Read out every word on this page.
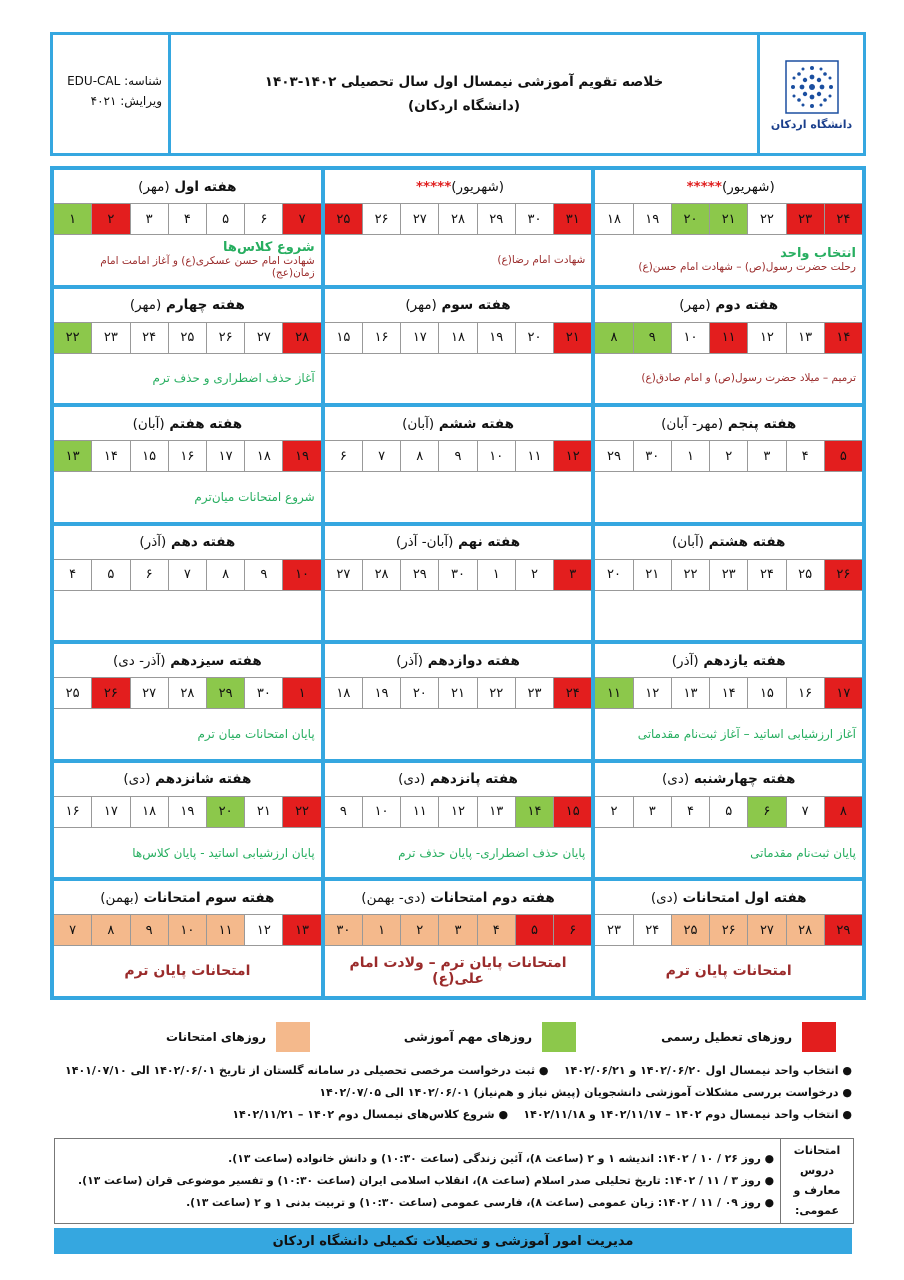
شناسه: EDU-CAL
ویرایش: ۴۰۲۱
خلاصه تقویم آموزشی نیمسال اول سال تحصیلی ۱۴۰۲-۱۴۰۳
(دانشگاه اردکان)
دانشگاه اردکان
(شهریور)
*****
۲۴
۲۳
۲۲
۲۱
۲۰
۱۹
۱۸
انتخاب واحد
رحلت حضرت رسول(ص) – شهادت امام حسن(ع)
(شهریور)
*****
۳۱
۳۰
۲۹
۲۸
۲۷
۲۶
۲۵
شهادت امام رضا(ع)
هفته اول

(مهر)
۷
۶
۵
۴
۳
۲
۱
شروع کلاس‌ها
شهادت امام حسن عسکری(ع) و آغاز امامت امام زمان(عج)
هفته دوم

(مهر)
۱۴
۱۳
۱۲
۱۱
۱۰
۹
۸
ترمیم – میلاد حضرت رسول(ص) و امام صادق(ع)
هفته سوم

(مهر)
۲۱
۲۰
۱۹
۱۸
۱۷
۱۶
۱۵
هفته چهارم

(مهر)
۲۸
۲۷
۲۶
۲۵
۲۴
۲۳
۲۲
آغاز حذف اضطراری و حذف ترم
هفته پنجم

(مهر- آبان)
۵
۴
۳
۲
۱
۳۰
۲۹
هفته ششم

(آبان)
۱۲
۱۱
۱۰
۹
۸
۷
۶
هفته هفتم

(آبان)
۱۹
۱۸
۱۷
۱۶
۱۵
۱۴
۱۳
شروع امتحانات میان‌ترم
هفته هشتم

(آبان)
۲۶
۲۵
۲۴
۲۳
۲۲
۲۱
۲۰
هفته نهم

(آبان- آذر)
۳
۲
۱
۳۰
۲۹
۲۸
۲۷
هفته دهم

(آذر)
۱۰
۹
۸
۷
۶
۵
۴
هفته یازدهم

(آذر)
۱۷
۱۶
۱۵
۱۴
۱۳
۱۲
۱۱
آغاز ارزشیابی اساتید – آغاز ثبت‌نام مقدماتی
هفته دوازدهم

(آذر)
۲۴
۲۳
۲۲
۲۱
۲۰
۱۹
۱۸
هفته سیزدهم

(آذر- دی)
۱
۳۰
۲۹
۲۸
۲۷
۲۶
۲۵
پایان امتحانات میان ترم
هفته چهارشنبه

(دی)
۸
۷
۶
۵
۴
۳
۲
پایان ثبت‌نام مقدماتی
هفته پانزدهم

(دی)
۱۵
۱۴
۱۳
۱۲
۱۱
۱۰
۹
پایان حذف اضطراری- پایان حذف ترم
هفته شانزدهم

(دی)
۲۲
۲۱
۲۰
۱۹
۱۸
۱۷
۱۶
پایان ارزشیابی اساتید - پایان کلاس‌ها
هفته اول امتحانات

(دی)
۲۹
۲۸
۲۷
۲۶
۲۵
۲۴
۲۳
امتحانات پایان ترم
هفته دوم امتحانات

(دی- بهمن)
۶
۵
۴
۳
۲
۱
۳۰
امتحانات پایان ترم – ولادت امام علی(ع)
هفته سوم امتحانات

(بهمن)
۱۳
۱۲
۱۱
۱۰
۹
۸
۷
امتحانات پایان ترم
روزهای تعطیل رسمی
روزهای مهم آموزشی
روزهای امتحانات
● انتخاب واحد نیمسال اول ۱۴۰۲/۰۶/۲۰ و ۱۴۰۲/۰۶/۲۱    ● ثبت درخواست مرخصی تحصیلی در سامانه گلستان از تاریخ ۱۴۰۲/۰۶/۰۱ الی ۱۴۰۱/۰۷/۱۰
● درخواست بررسی مشکلات آموزشی دانشجویان (پیش نیاز و هم‌نیاز) ۱۴۰۲/۰۶/۰۱ الی ۱۴۰۲/۰۷/۰۵
● انتخاب واحد نیمسال دوم ۱۴۰۲ – ۱۴۰۲/۱۱/۱۷ و ۱۴۰۲/۱۱/۱۸    ● شروع کلاس‌های نیمسال دوم ۱۴۰۲ – ۱۴۰۲/۱۱/۲۱
امتحانات دروس معارف و عمومی:
● روز ۲۶ / ۱۰ / ۱۴۰۲: اندیشه ۱ و ۲ (ساعت ۸)، آئین زندگی (ساعت ۱۰:۳۰) و دانش خانواده (ساعت ۱۳).
● روز ۳ / ۱۱ / ۱۴۰۲: تاریخ تحلیلی صدر اسلام (ساعت ۸)، انقلاب اسلامی ایران (ساعت ۱۰:۳۰) و تفسیر موضوعی قران (ساعت ۱۳).
● روز ۰۹ / ۱۱ / ۱۴۰۲: زبان عمومی (ساعت ۸)، فارسی عمومی (ساعت ۱۰:۳۰) و تربیت بدنی ۱ و ۲ (ساعت ۱۳).
مدیریت امور آموزشی و تحصیلات تکمیلی دانشگاه اردکان
